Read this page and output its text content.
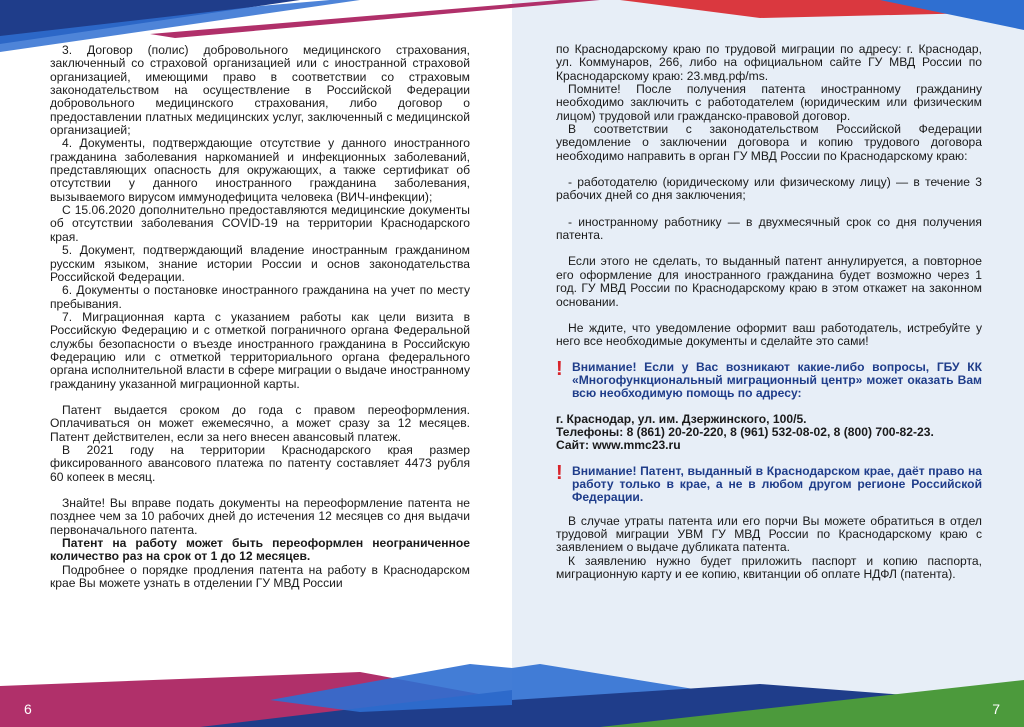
3. Договор (полис) добровольного медицинского страхования, заключенный со страховой организацией или с иностранной страховой организацией, имеющими право в соответствии со страховым законодательством на осуществление в Российской Федерации добровольного медицинского страхования, либо договор о предоставлении платных медицинских услуг, заключенный с медицинской организацией;

4. Документы, подтверждающие отсутствие у данного иностранного гражданина заболевания наркоманией и инфекционных заболеваний, представляющих опасность для окружающих, а также сертификат об отсутствии у данного иностранного гражданина заболевания, вызываемого вирусом иммунодефицита человека (ВИЧ-инфекции);

С 15.06.2020 дополнительно предоставляются медицинские документы об отсутствии заболевания COVID-19 на территории Краснодарского края.

5. Документ, подтверждающий владение иностранным гражданином русским языком, знание истории России и основ законодательства Российской Федерации.

6. Документы о постановке иностранного гражданина на учет по месту пребывания.

7. Миграционная карта с указанием работы как цели визита в Российскую Федерацию и с отметкой пограничного органа Федеральной службы безопасности о въезде иностранного гражданина в Российскую Федерацию или с отметкой территориального органа федерального органа исполнительной власти в сфере миграции о выдаче иностранному гражданину указанной миграционной карты.

Патент выдается сроком до года с правом переоформления. Оплачиваться он может ежемесячно, а может сразу за 12 месяцев. Патент действителен, если за него внесен авансовый платеж.

В 2021 году на территории Краснодарского края размер фиксированного авансового платежа по патенту составляет 4473 рубля 60 копеек в месяц.

Знайте! Вы вправе подать документы на переоформление патента не позднее чем за 10 рабочих дней до истечения 12 месяцев со дня выдачи первоначального патента.

Патент на работу может быть переоформлен неограниченное количество раз на срок от 1 до 12 месяцев.

Подробнее о порядке продления патента на работу в Краснодарском крае Вы можете узнать в отделении ГУ МВД России

по Краснодарскому краю по трудовой миграции по адресу: г. Краснодар, ул. Коммунаров, 266, либо на официальном сайте ГУ МВД России по Краснодарскому краю: 23.мвд.рф/ms.

Помните! После получения патента иностранному гражданину необходимо заключить с работодателем (юридическим или физическим лицом) трудовой или гражданско-правовой договор.

В соответствии с законодательством Российской Федерации уведомление о заключении договора и копию трудового договора необходимо направить в орган ГУ МВД России по Краснодарскому краю:

- работодателю (юридическому или физическому лицу) — в течение 3 рабочих дней со дня заключения;

- иностранному работнику — в двухмесячный срок со дня получения патента.

Если этого не сделать, то выданный патент аннулируется, а повторное его оформление для иностранного гражданина будет возможно через 1 год. ГУ МВД России по Краснодарскому краю в этом откажет на законном основании.

Не ждите, что уведомление оформит ваш работодатель, истребуйте у него все необходимые документы и сделайте это сами!

! Внимание! Если у Вас возникают какие-либо вопросы, ГБУ КК «Многофункциональный миграционный центр» может оказать Вам всю необходимую помощь по адресу:

г. Краснодар, ул. им. Дзержинского, 100/5.

Телефоны: 8 (861) 20-20-220, 8 (961) 532-08-02, 8 (800) 700-82-23.

Сайт: www.mmc23.ru

! Внимание! Патент, выданный в Краснодарском крае, даёт право на работу только в крае, а не в любом другом регионе Российской Федерации.

В случае утраты патента или его порчи Вы можете обратиться в отдел трудовой миграции УВМ ГУ МВД России по Краснодарскому краю с заявлением о выдаче дубликата патента.

К заявлению нужно будет приложить паспорт и копию паспорта, миграционную карту и ее копию, квитанции об оплате НДФЛ (патента).

6	7
